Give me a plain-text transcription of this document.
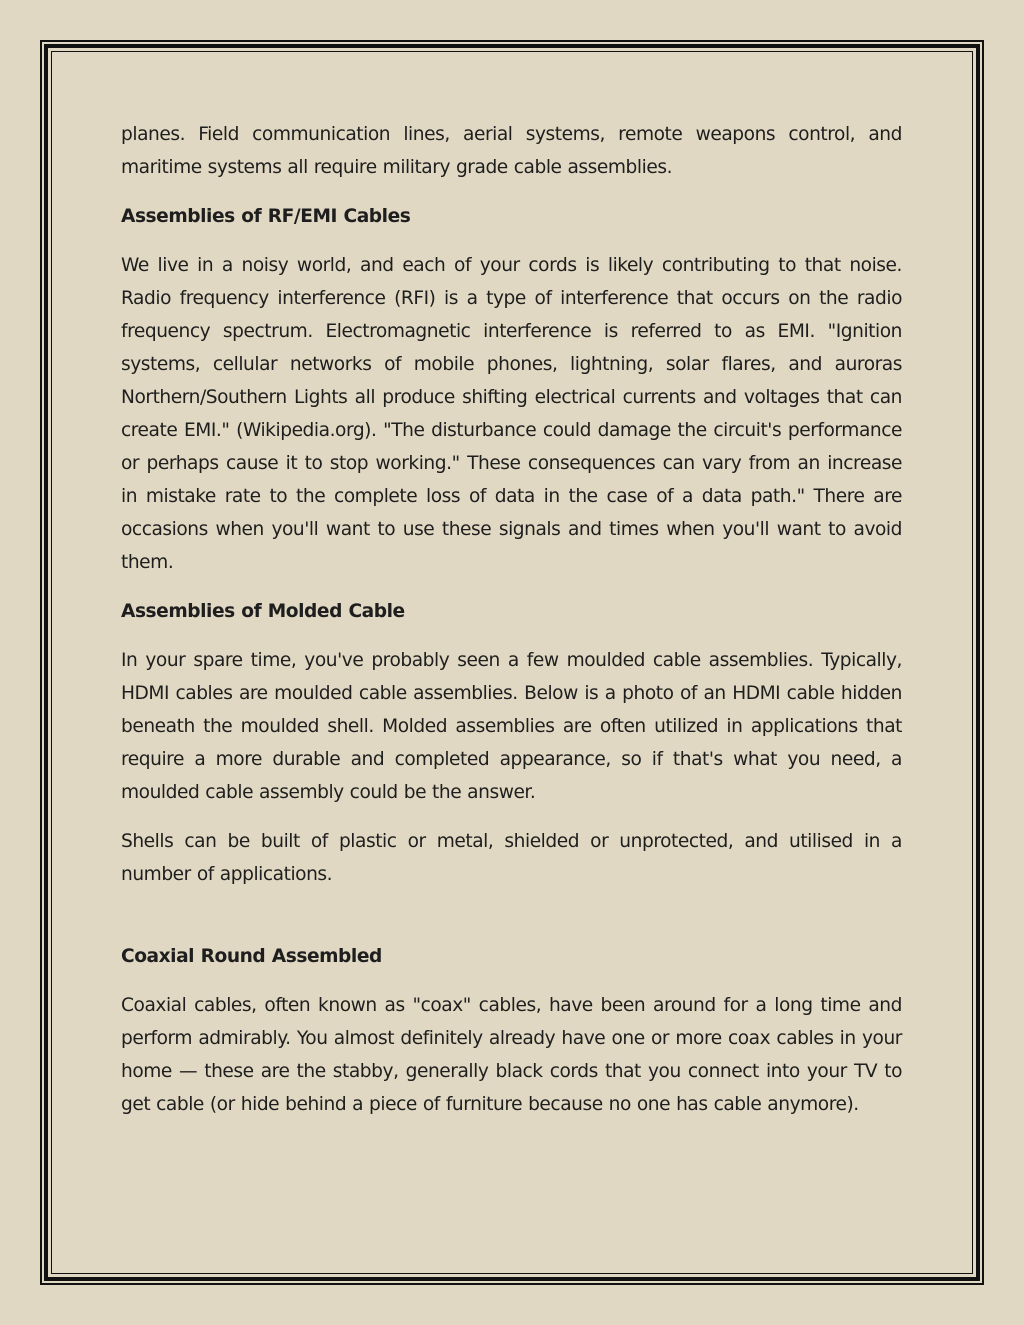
planes. Field communication lines, aerial systems, remote weapons control, and maritime systems all require military grade cable assemblies.

Assemblies of RF/EMI Cables

We live in a noisy world, and each of your cords is likely contributing to that noise. Radio frequency interference (RFI) is a type of interference that occurs on the radio frequency spectrum. Electromagnetic interference is referred to as EMI. "Ignition systems, cellular networks of mobile phones, lightning, solar flares, and auroras Northern/Southern Lights all produce shifting electrical currents and voltages that can create EMI." (Wikipedia.org). "The disturbance could damage the circuit's performance or perhaps cause it to stop working." These consequences can vary from an increase in mistake rate to the complete loss of data in the case of a data path." There are occasions when you'll want to use these signals and times when you'll want to avoid them.

Assemblies of Molded Cable

In your spare time, you've probably seen a few moulded cable assemblies. Typically, HDMI cables are moulded cable assemblies. Below is a photo of an HDMI cable hidden beneath the moulded shell. Molded assemblies are often utilized in applications that require a more durable and completed appearance, so if that's what you need, a moulded cable assembly could be the answer.

Shells can be built of plastic or metal, shielded or unprotected, and utilised in a number of applications.

Coaxial Round Assembled

Coaxial cables, often known as "coax" cables, have been around for a long time and perform admirably. You almost definitely already have one or more coax cables in your home — these are the stabby, generally black cords that you connect into your TV to get cable (or hide behind a piece of furniture because no one has cable anymore).
